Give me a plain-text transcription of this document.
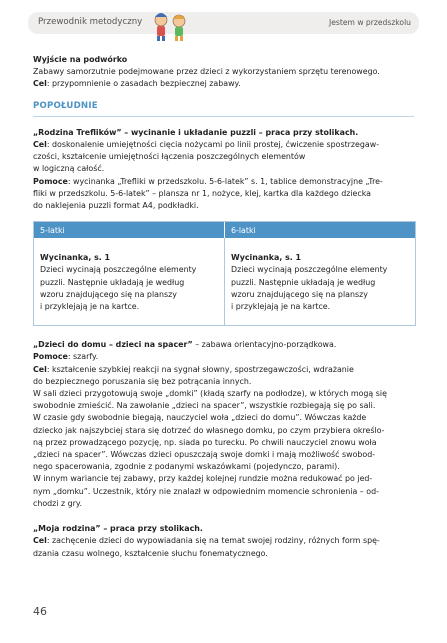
Przewodnik metodyczny	Jestem w przedszkolu

Wyjście na podwórko

Zabawy samorzutnie podejmowane przez dzieci z wykorzystaniem sprzętu terenowego.

Cel: przypomnienie o zasadach bezpiecznej zabawy.

POPOŁUDNIE

„Rodzina Treflików” – wycinanie i układanie puzzli – praca przy stolikach.

Cel: doskonalenie umiejętności cięcia nożycami po linii prostej, ćwiczenie spostrzegaw-

czości, kształcenie umiejętności łączenia poszczególnych elementów

w logiczną całość.

Pomoce: wycinanka „Trefliki w przedszkolu. 5-6-latek” s. 1, tablice demonstracyjne „Tre-

fliki w przedszkolu. 5-6-latek” – plansza nr 1, nożyce, klej, kartka dla każdego dziecka

do naklejenia puzzli format A4, podkładki.

5-latki	6-latki

Wycinanka, s. 1

Dzieci wycinają poszczególne elementy

puzzli. Następnie układają je według

wzoru znajdującego się na planszy

i przyklejają je na kartce.

Wycinanka, s. 1

Dzieci wycinają poszczególne elementy

puzzli. Następnie układają je według

wzoru znajdującego się na planszy

i przyklejają je na kartce.

„Dzieci do domu – dzieci na spacer” – zabawa orientacyjno-porządkowa.

Pomoce: szarfy.

Cel: kształcenie szybkiej reakcji na sygnał słowny, spostrzegawczości, wdrażanie

do bezpiecznego poruszania się bez potrącania innych.

W sali dzieci przygotowują swoje „domki” (kładą szarfy na podłodze), w których mogą się

swobodnie zmieścić. Na zawołanie „dzieci na spacer”, wszystkie rozbiegają się po sali.

W czasie gdy swobodnie biegają, nauczyciel woła „dzieci do domu”. Wówczas każde

dziecko jak najszybciej stara się dotrzeć do własnego domku, po czym przybiera określo-

ną przez prowadzącego pozycję, np. siada po turecku. Po chwili nauczyciel znowu woła

„dzieci na spacer”. Wówczas dzieci opuszczają swoje domki i mają możliwość swobod-

nego spacerowania, zgodnie z podanymi wskazówkami (pojedynczo, parami).

W innym wariancie tej zabawy, przy każdej kolejnej rundzie można redukować po jed-

nym „domku”. Uczestnik, który nie znalazł w odpowiednim momencie schronienia – od-

chodzi z gry.

„Moja rodzina” – praca przy stolikach.

Cel: zachęcenie dzieci do wypowiadania się na temat swojej rodziny, różnych form spę-

dzania czasu wolnego, kształcenie słuchu fonematycznego.

46
